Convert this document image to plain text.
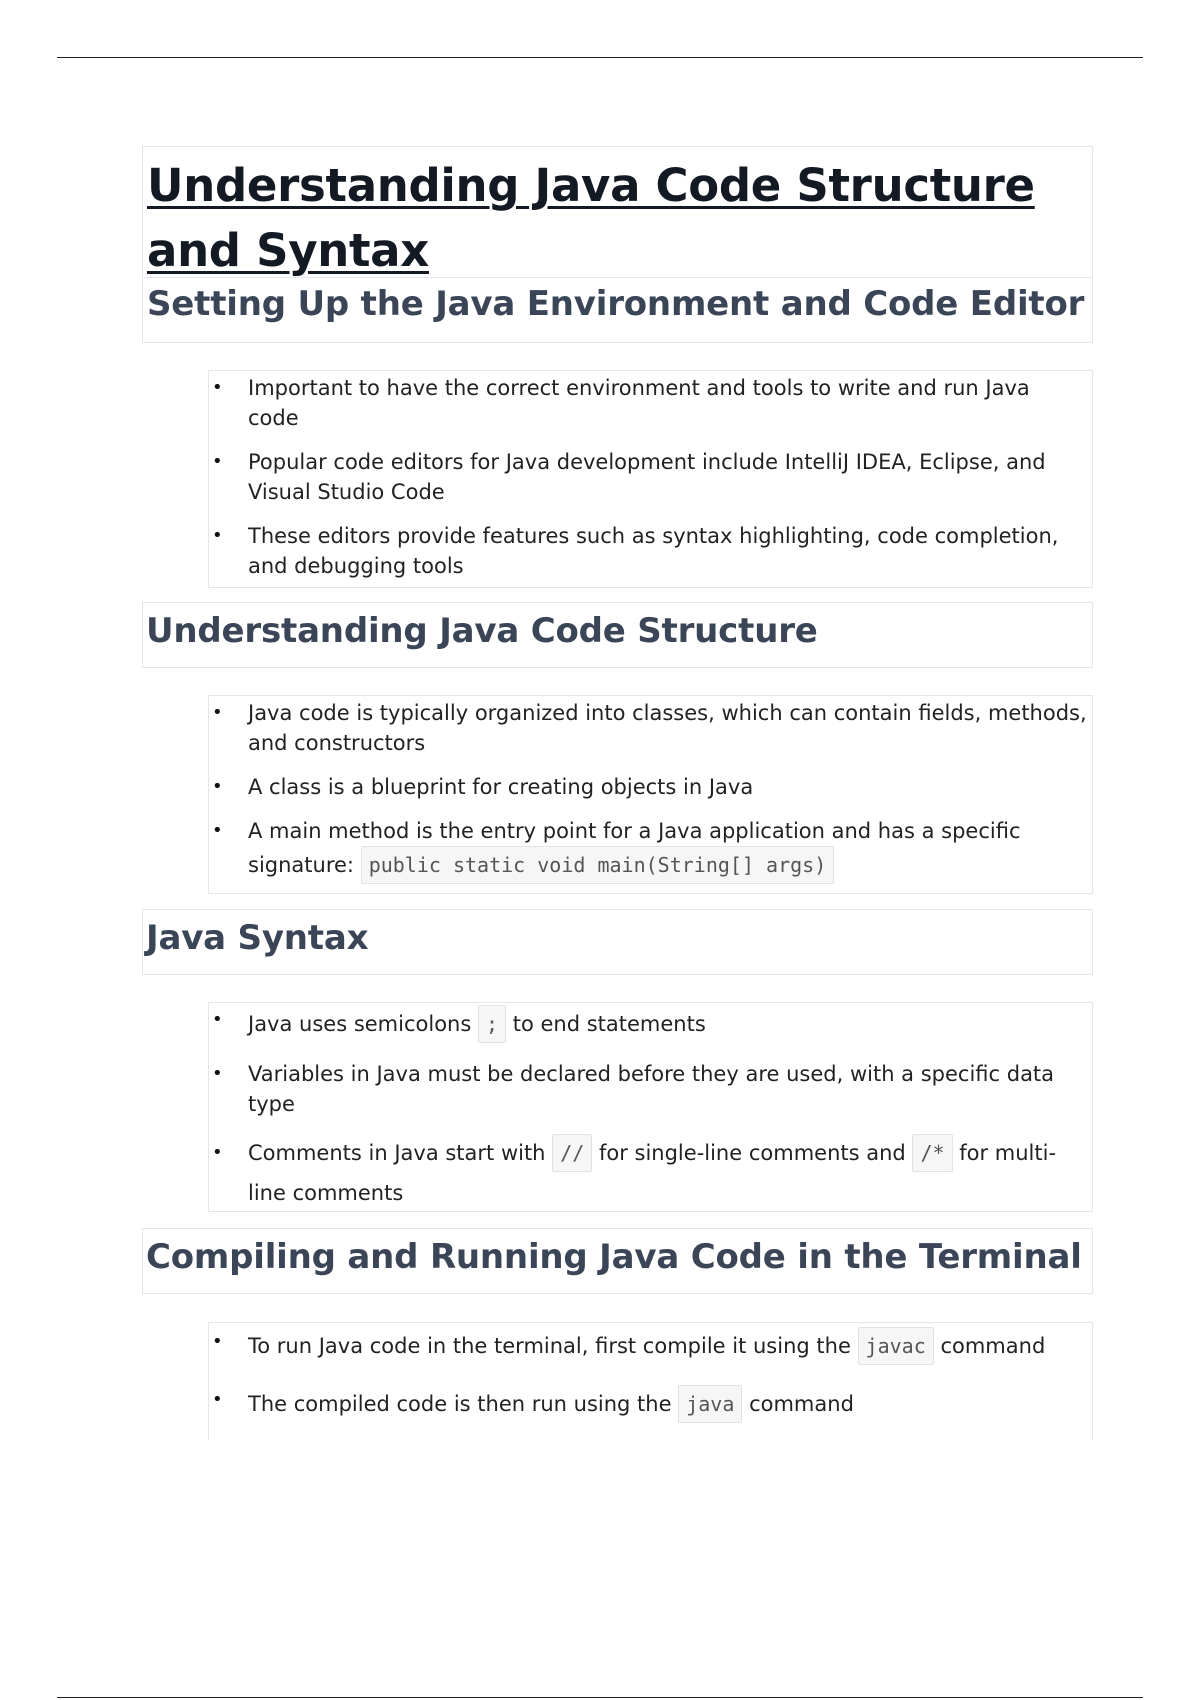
Understanding Java Code Structure and Syntax
Setting Up the Java Environment and Code Editor
• Important to have the correct environment and tools to write and run Java code
• Popular code editors for Java development include IntelliJ IDEA, Eclipse, and Visual Studio Code
• These editors provide features such as syntax highlighting, code completion, and debugging tools
Understanding Java Code Structure
• Java code is typically organized into classes, which can contain fields, methods, and constructors
• A class is a blueprint for creating objects in Java
• A main method is the entry point for a Java application and has a specific signature: public static void main(String[] args)
Java Syntax
• Java uses semicolons ; to end statements
• Variables in Java must be declared before they are used, with a specific data type
• Comments in Java start with // for single-line comments and /* for multi-line comments
Compiling and Running Java Code in the Terminal
• To run Java code in the terminal, first compile it using the javac command
• The compiled code is then run using the java command
